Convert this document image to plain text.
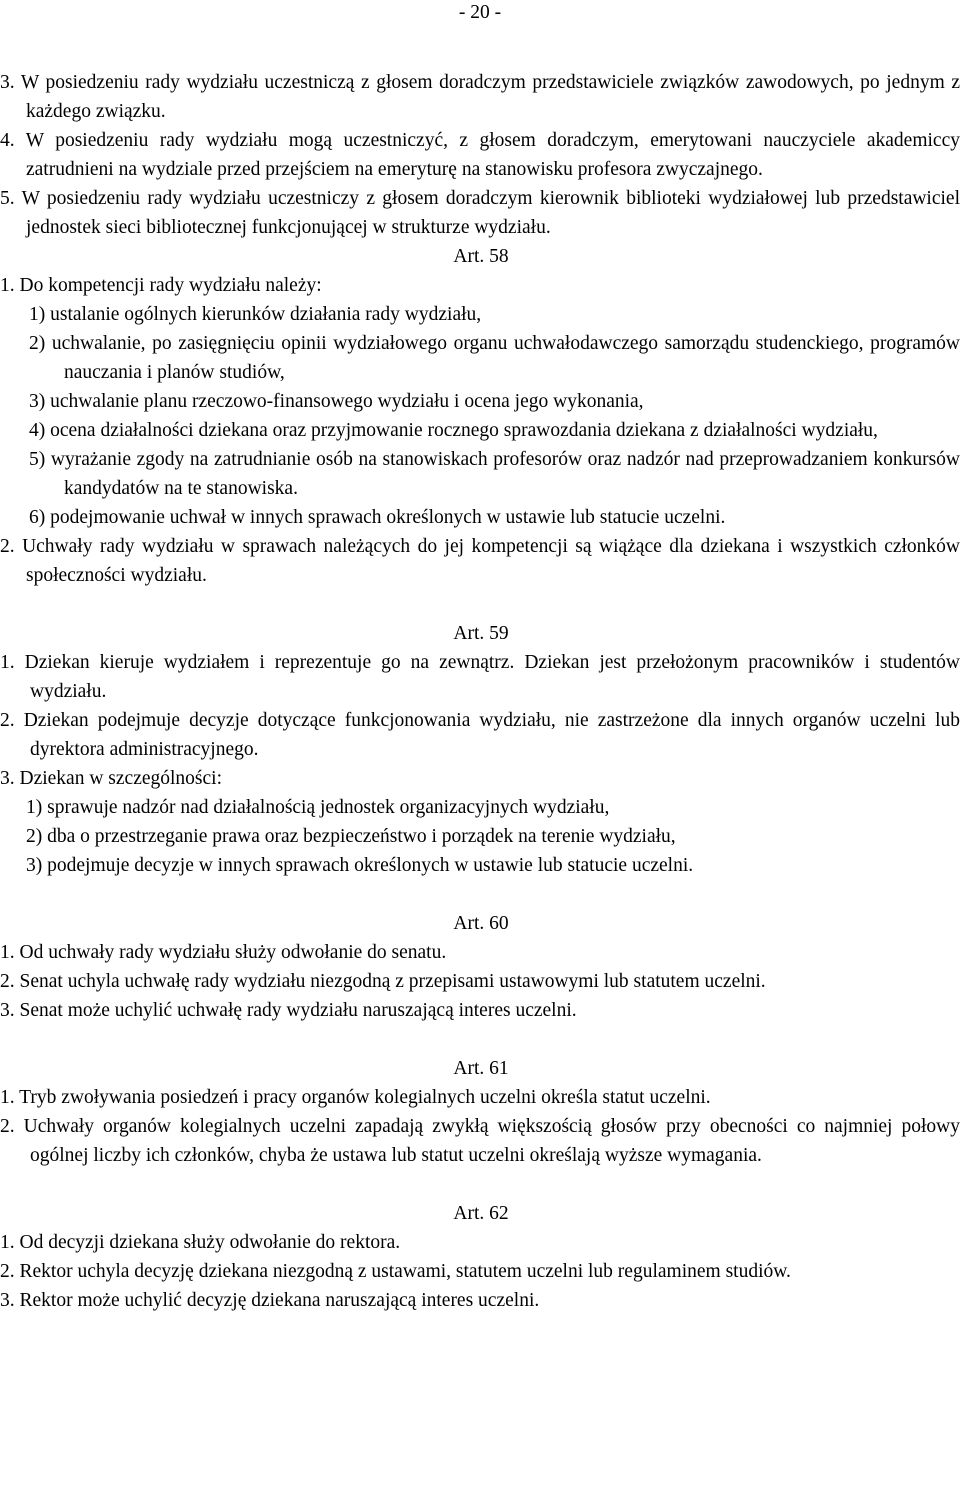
- 20 -

3. W posiedzeniu rady wydziału uczestniczą z głosem doradczym przedstawiciele związków zawodowych, po jednym z każdego związku.

4. W posiedzeniu rady wydziału mogą uczestniczyć, z głosem doradczym, emerytowani nauczyciele akademiccy zatrudnieni na wydziale przed przejściem na emeryturę na stanowisku profesora zwyczajnego.

5. W posiedzeniu rady wydziału uczestniczy z głosem doradczym kierownik biblioteki wydziałowej lub przedstawiciel jednostek sieci bibliotecznej funkcjonującej w strukturze wydziału.

Art. 58

1. Do kompetencji rady wydziału należy:

1) ustalanie ogólnych kierunków działania rady wydziału,

2) uchwalanie, po zasięgnięciu opinii wydziałowego organu uchwałodawczego samorządu studenckiego, programów nauczania i planów studiów,

3) uchwalanie planu rzeczowo-finansowego wydziału i ocena jego wykonania,

4) ocena działalności dziekana oraz przyjmowanie rocznego sprawozdania dziekana z działalności wydziału,

5) wyrażanie zgody na zatrudnianie osób na stanowiskach profesorów oraz nadzór nad przeprowadzaniem konkursów kandydatów na te stanowiska.

6) podejmowanie uchwał w innych sprawach określonych w ustawie lub statucie uczelni.

2. Uchwały rady wydziału w sprawach należących do jej kompetencji są wiążące dla dziekana i wszystkich członków społeczności wydziału.

Art. 59

1. Dziekan kieruje wydziałem i reprezentuje go na zewnątrz. Dziekan jest przełożonym pracowników i studentów wydziału.

2. Dziekan podejmuje decyzje dotyczące funkcjonowania wydziału, nie zastrzeżone dla innych organów uczelni lub dyrektora administracyjnego.

3. Dziekan w szczególności:

1) sprawuje nadzór nad działalnością jednostek organizacyjnych wydziału,

2) dba o przestrzeganie prawa oraz bezpieczeństwo i porządek na terenie wydziału,

3) podejmuje decyzje w innych sprawach określonych w ustawie lub statucie uczelni.

Art. 60

1. Od uchwały rady wydziału służy odwołanie do senatu.

2. Senat uchyla uchwałę rady wydziału niezgodną z przepisami ustawowymi lub statutem uczelni.

3. Senat może uchylić uchwałę rady wydziału naruszającą interes uczelni.

Art. 61

1. Tryb zwoływania posiedzeń i pracy organów kolegialnych uczelni określa statut uczelni.

2. Uchwały organów kolegialnych uczelni zapadają zwykłą większością głosów przy obecności co najmniej połowy ogólnej liczby ich członków, chyba że ustawa lub statut uczelni określają wyższe wymagania.

Art. 62

1. Od decyzji dziekana służy odwołanie do rektora.

2. Rektor uchyla decyzję dziekana niezgodną z ustawami, statutem uczelni lub regulaminem studiów.

3. Rektor może uchylić decyzję dziekana naruszającą interes uczelni.
